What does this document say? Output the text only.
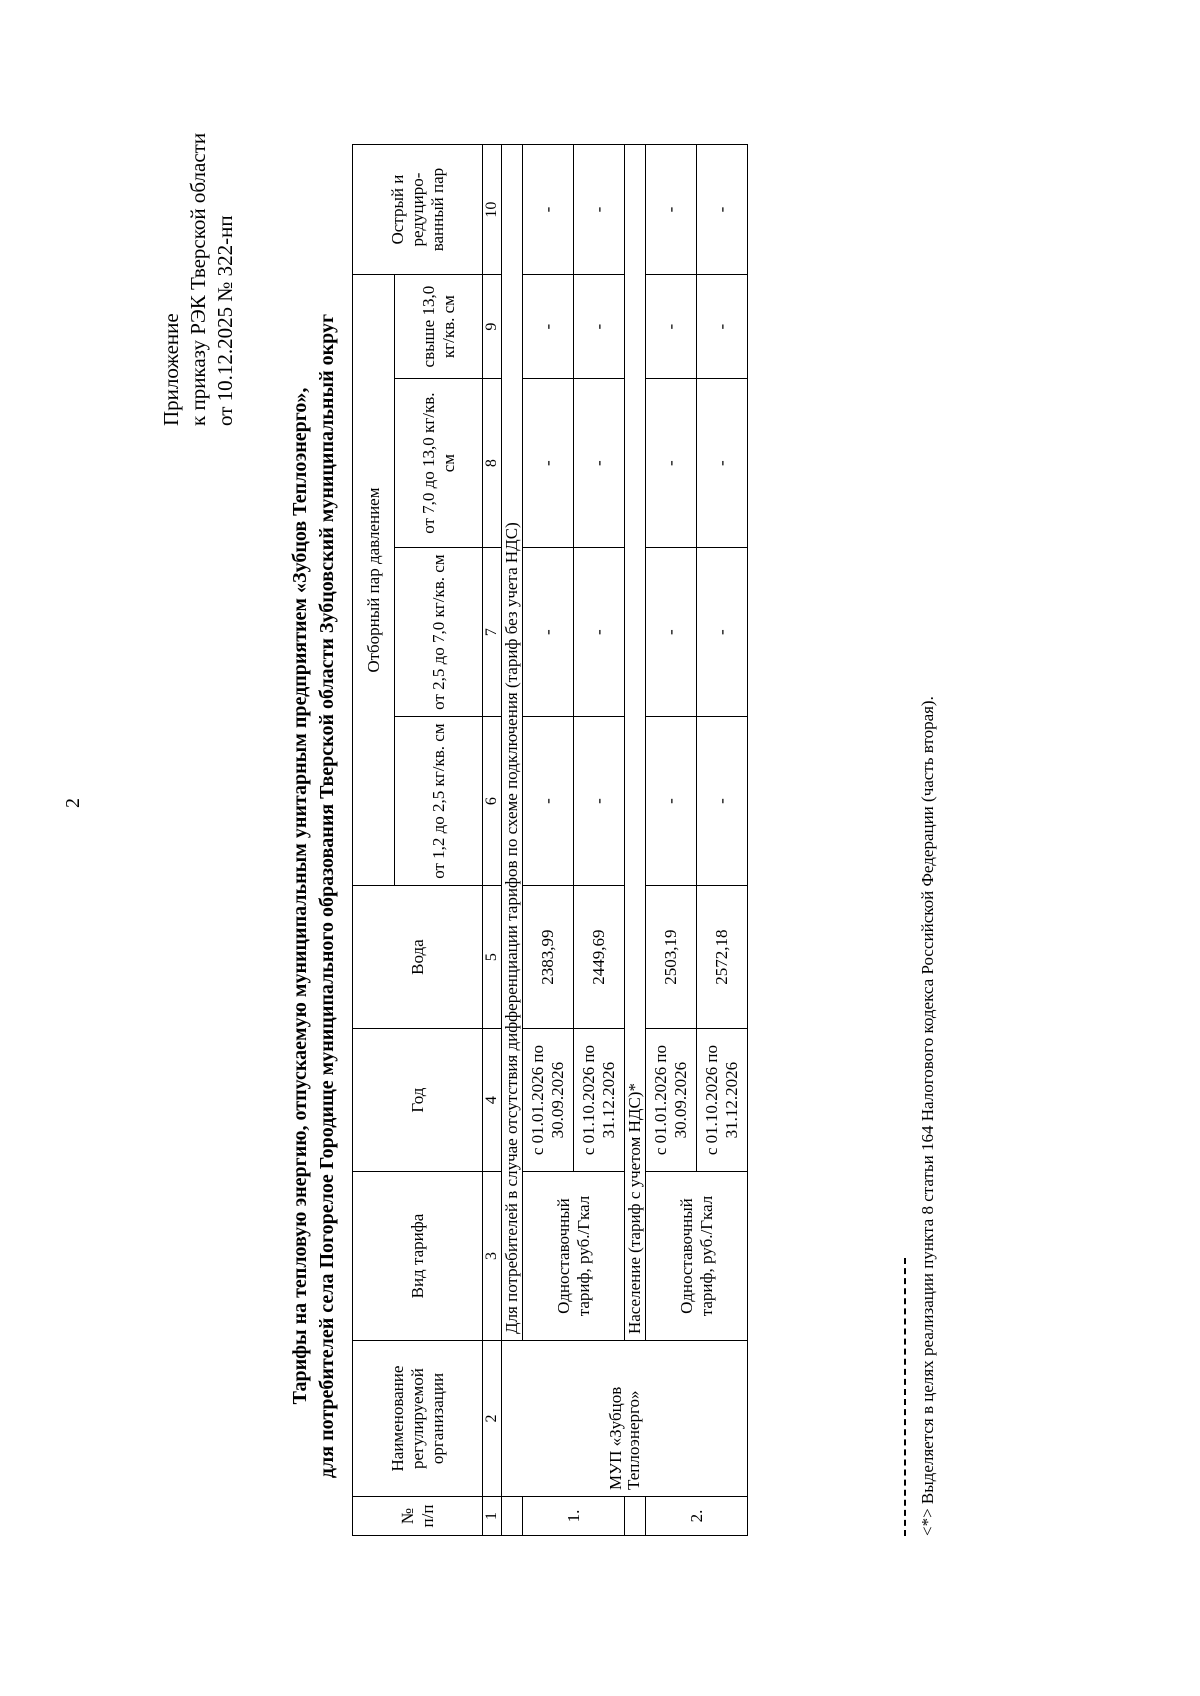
2
Приложение к приказу РЭК Тверской области от 10.12.2025 № 322-нп
Тарифы на тепловую энергию, отпускаемую муниципальным унитарным предприятием «Зубцов Теплоэнерго», для потребителей села Погорелое Городище муниципального образования Тверской области Зубцовский муниципальный округ
№ п/п	Наименование регулируемой организации	Вид тарифа	Год	Вода	Отборный пар давлением				Острый и редуциро-ванный пар
					от 1,2 до 2,5 кг/кв. см	от 2,5 до 7,0 кг/кв. см	от 7,0 до 13,0 кг/кв. см	свыше 13,0 кг/кв. см	
1	2	3	4	5	6	7	8	9	10
	МУП «Зубцов Теплоэнерго»	Для потребителей в случае отсутствия дифференциации тарифов по схеме подключения (тариф без учета НДС)							
1.		Одноставочный тариф, руб./Гкал	с 01.01.2026 по 30.09.2026	2383,99	-	-	-	-	-
			с 01.10.2026 по 31.12.2026	2449,69	-	-	-	-	-
		Население (тариф с учетом НДС)*							
2.		Одноставочный тариф, руб./Гкал	с 01.01.2026 по 30.09.2026	2503,19	-	-	-	-	-
			с 01.10.2026 по 31.12.2026	2572,18	-	-	-	-	-
<*> Выделяется в целях реализации пункта 8 статьи 164 Налогового кодекса Российской Федерации (часть вторая).
